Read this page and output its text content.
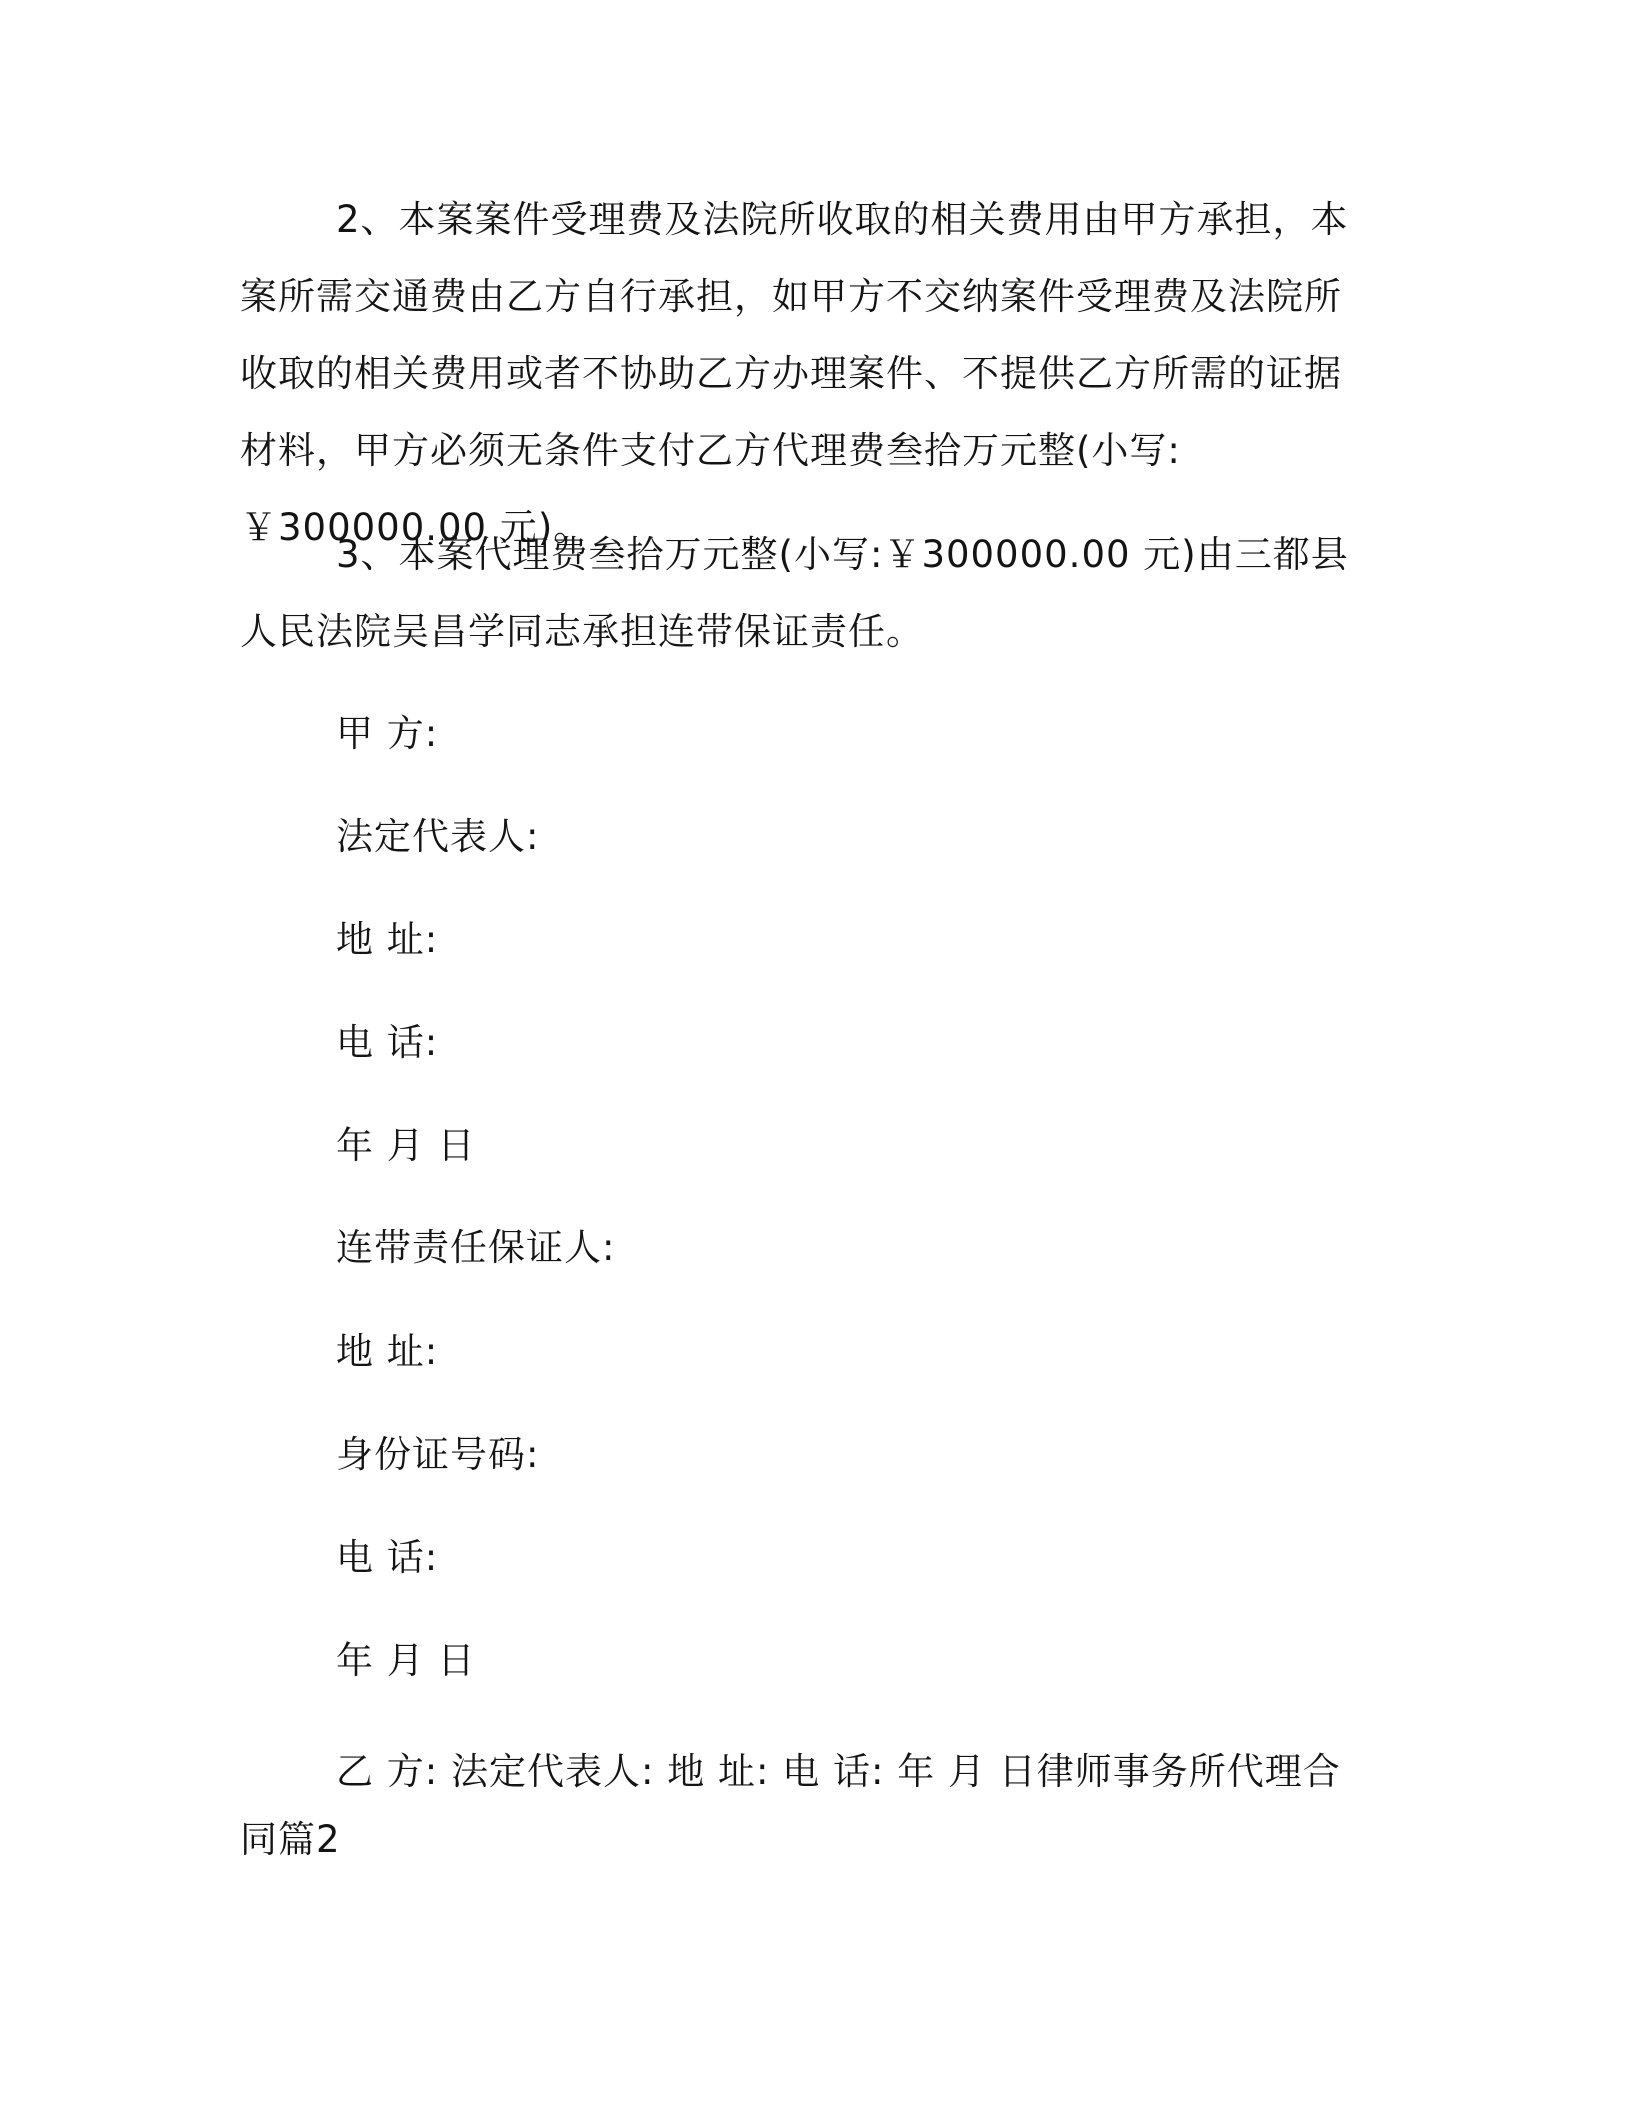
2、本案案件受理费及法院所收取的相关费用由甲方承担，本案所需交通费由乙方自行承担，如甲方不交纳案件受理费及法院所收取的相关费用或者不协助乙方办理案件、不提供乙方所需的证据材料，甲方必须无条件支付乙方代理费叁拾万元整(小写:￥300000.00 元)。

3、本案代理费叁拾万元整(小写:￥300000.00 元)由三都县人民法院吴昌学同志承担连带保证责任。

甲 方:

法定代表人:

地 址:

电 话:

年 月 日

连带责任保证人:

地 址:

身份证号码:

电 话:

年 月 日

乙 方: 法定代表人: 地 址: 电 话: 年 月 日律师事务所代理合同篇2
